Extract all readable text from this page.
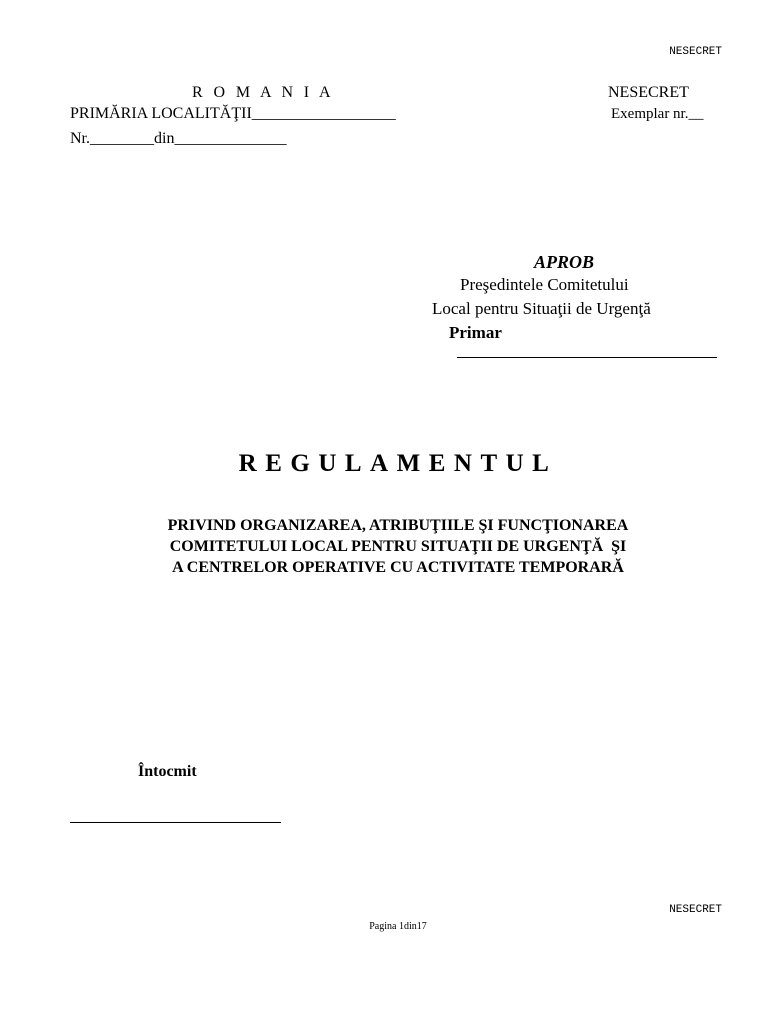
NESECRET
R O M A N I A	NESECRET
PRIMĂRIA LOCALITĂŢII__________________	Exemplar nr.__
Nr.________din______________
APROB
Preşedintele Comitetului
Local pentru Situaţii de Urgenţă
Primar
REGULAMENTUL
PRIVIND ORGANIZAREA, ATRIBUŢIILE ŞI FUNCŢIONAREA
COMITETULUI LOCAL PENTRU SITUAŢII DE URGENŢĂ  ŞI
A CENTRELOR OPERATIVE CU ACTIVITATE TEMPORARĂ
Întocmit
NESECRET
Pagina 1din17
